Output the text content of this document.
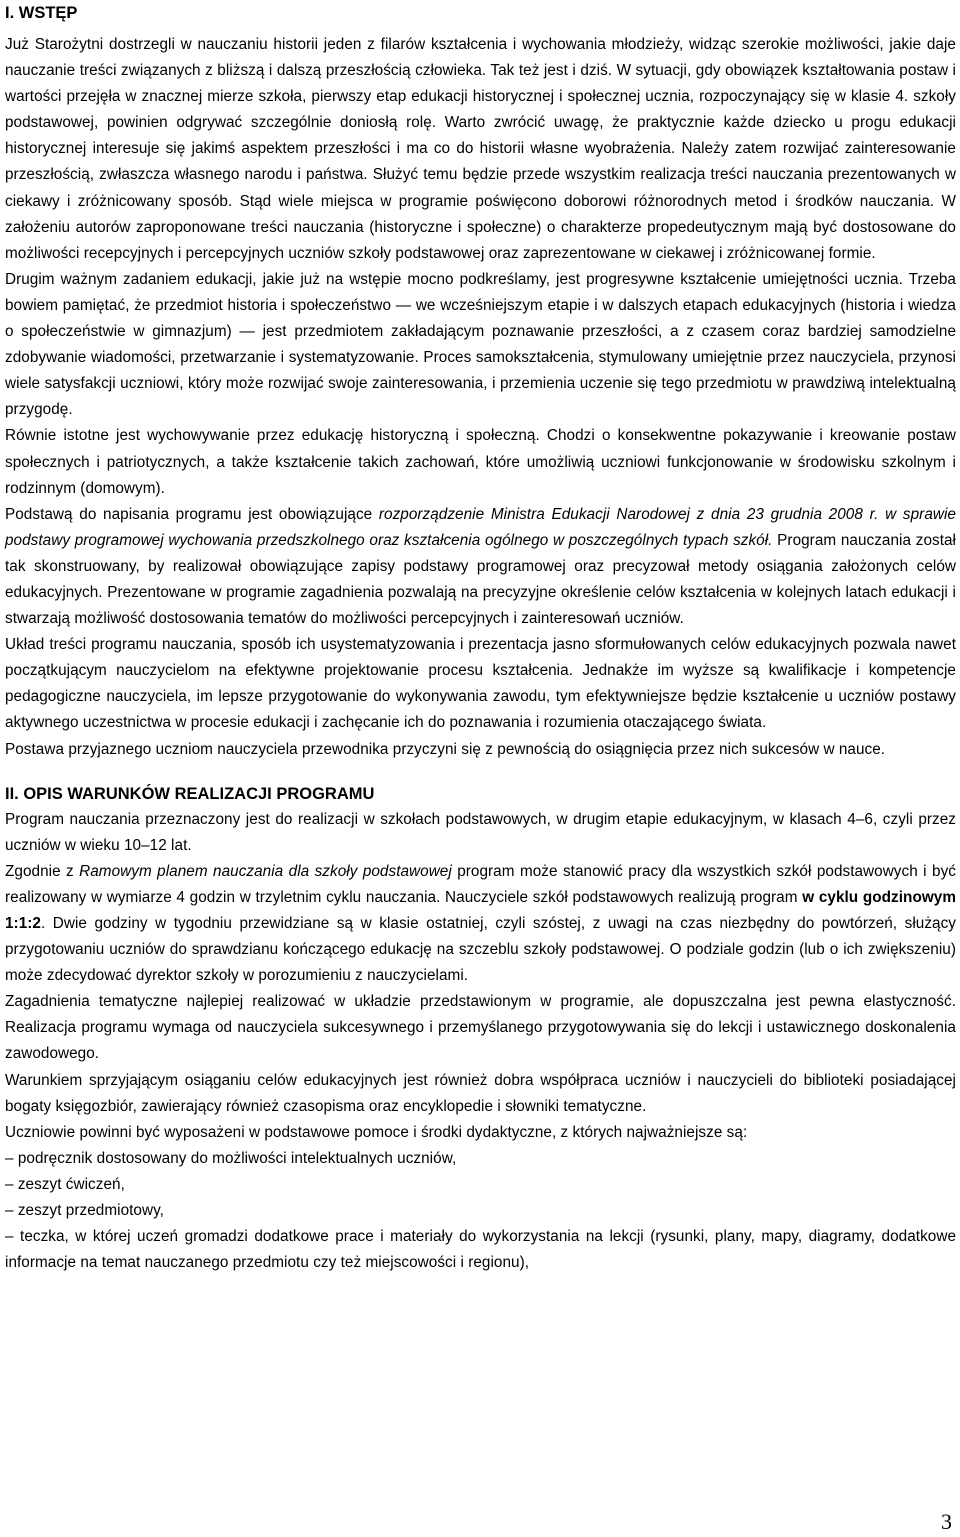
I. WSTĘP

Już Starożytni dostrzegli w nauczaniu historii jeden z filarów kształcenia i wychowania młodzieży, widząc szerokie możliwości, jakie daje nauczanie treści związanych z bliższą i dalszą przeszłością człowieka. Tak też jest i dziś. W sytuacji, gdy obowiązek kształtowania postaw i wartości przejęła w znacznej mierze szkoła, pierwszy etap edukacji historycznej i społecznej ucznia, rozpoczynający się w klasie 4. szkoły podstawowej, powinien odgrywać szczególnie doniosłą rolę. Warto zwrócić uwagę, że praktycznie każde dziecko u progu edukacji historycznej interesuje się jakimś aspektem przeszłości i ma co do historii własne wyobrażenia. Należy zatem rozwijać zainteresowanie przeszłością, zwłaszcza własnego narodu i państwa. Służyć temu będzie przede wszystkim realizacja treści nauczania prezentowanych w ciekawy i zróżnicowany sposób. Stąd wiele miejsca w programie poświęcono doborowi różnorodnych metod i środków nauczania. W założeniu autorów zaproponowane treści nauczania (historyczne i społeczne) o charakterze propedeutycznym mają być dostosowane do możliwości recepcyjnych i percepcyjnych uczniów szkoły podstawowej oraz zaprezentowane w ciekawej i zróżnicowanej formie.

Drugim ważnym zadaniem edukacji, jakie już na wstępie mocno podkreślamy, jest progresywne kształcenie umiejętności ucznia. Trzeba bowiem pamiętać, że przedmiot historia i społeczeństwo — we wcześniejszym etapie i w dalszych etapach edukacyjnych (historia i wiedza o społeczeństwie w gimnazjum) — jest przedmiotem zakładającym poznawanie przeszłości, a z czasem coraz bardziej samodzielne zdobywanie wiadomości, przetwarzanie i systematyzowanie. Proces samokształcenia, stymulowany umiejętnie przez nauczyciela, przynosi wiele satysfakcji uczniowi, który może rozwijać swoje zainteresowania, i przemienia uczenie się tego przedmiotu w prawdziwą intelektualną przygodę.

Równie istotne jest wychowywanie przez edukację historyczną i społeczną. Chodzi o konsekwentne pokazywanie i kreowanie postaw społecznych i patriotycznych, a także kształcenie takich zachowań, które umożliwią uczniowi funkcjonowanie w środowisku szkolnym i rodzinnym (domowym).

Podstawą do napisania programu jest obowiązujące rozporządzenie Ministra Edukacji Narodowej z dnia 23 grudnia 2008 r. w sprawie podstawy programowej wychowania przedszkolnego oraz kształcenia ogólnego w poszczególnych typach szkół. Program nauczania został tak skonstruowany, by realizował obowiązujące zapisy podstawy programowej oraz precyzował metody osiągania założonych celów edukacyjnych. Prezentowane w programie zagadnienia pozwalają na precyzyjne określenie celów kształcenia w kolejnych latach edukacji i stwarzają możliwość dostosowania tematów do możliwości percepcyjnych i zainteresowań uczniów.

Układ treści programu nauczania, sposób ich usystematyzowania i prezentacja jasno sformułowanych celów edukacyjnych pozwala nawet początkującym nauczycielom na efektywne projektowanie procesu kształcenia. Jednakże im wyższe są kwalifikacje i kompetencje pedagogiczne nauczyciela, im lepsze przygotowanie do wykonywania zawodu, tym efektywniejsze będzie kształcenie u uczniów postawy aktywnego uczestnictwa w procesie edukacji i zachęcanie ich do poznawania i rozumienia otaczającego świata.

Postawa przyjaznego uczniom nauczyciela przewodnika przyczyni się z pewnością do osiągnięcia przez nich sukcesów w nauce.

II. OPIS WARUNKÓW REALIZACJI PROGRAMU

Program nauczania przeznaczony jest do realizacji w szkołach podstawowych, w drugim etapie edukacyjnym, w klasach 4–6, czyli przez uczniów w wieku 10–12 lat.

Zgodnie z Ramowym planem nauczania dla szkoły podstawowej program może stanowić pracy dla wszystkich szkół podstawowych i być realizowany w wymiarze 4 godzin w trzyletnim cyklu nauczania. Nauczyciele szkół podstawowych realizują program w cyklu godzinowym 1:1:2. Dwie godziny w tygodniu przewidziane są w klasie ostatniej, czyli szóstej, z uwagi na czas niezbędny do powtórzeń, służący przygotowaniu uczniów do sprawdzianu kończącego edukację na szczeblu szkoły podstawowej. O podziale godzin (lub o ich zwiększeniu) może zdecydować dyrektor szkoły w porozumieniu z nauczycielami.

Zagadnienia tematyczne najlepiej realizować w układzie przedstawionym w programie, ale dopuszczalna jest pewna elastyczność. Realizacja programu wymaga od nauczyciela sukcesywnego i przemyślanego przygotowywania się do lekcji i ustawicznego doskonalenia zawodowego.

Warunkiem sprzyjającym osiąganiu celów edukacyjnych jest również dobra współpraca uczniów i nauczycieli do biblioteki posiadającej bogaty księgozbiór, zawierający również czasopisma oraz encyklopedie i słowniki tematyczne.

Uczniowie powinni być wyposażeni w podstawowe pomoce i środki dydaktyczne, z których najważniejsze są:

– podręcznik dostosowany do możliwości intelektualnych uczniów,

– zeszyt ćwiczeń,

– zeszyt przedmiotowy,

– teczka, w której uczeń gromadzi dodatkowe prace i materiały do wykorzystania na lekcji (rysunki, plany, mapy, diagramy, dodatkowe informacje na temat nauczanego przedmiotu czy też miejscowości i regionu),

3
